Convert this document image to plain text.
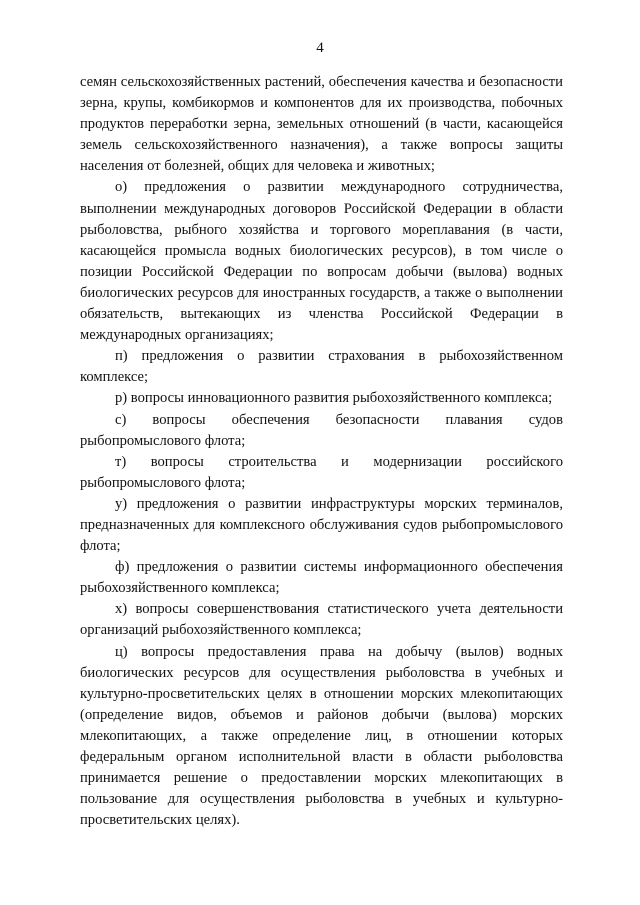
4

семян сельскохозяйственных растений, обеспечения качества и безопасности зерна, крупы, комбикормов и компонентов для их производства, побочных продуктов переработки зерна, земельных отношений (в части, касающейся земель сельскохозяйственного назначения), а также вопросы защиты населения от болезней, общих для человека и животных;

о) предложения о развитии международного сотрудничества, выполнении международных договоров Российской Федерации в области рыболовства, рыбного хозяйства и торгового мореплавания (в части, касающейся промысла водных биологических ресурсов), в том числе о позиции Российской Федерации по вопросам добычи (вылова) водных биологических ресурсов для иностранных государств, а также о выполнении обязательств, вытекающих из членства Российской Федерации в международных организациях;

п) предложения о развитии страхования в рыбохозяйственном комплексе;

р) вопросы инновационного развития рыбохозяйственного комплекса;

с) вопросы обеспечения безопасности плавания судов рыбопромыслового флота;

т) вопросы строительства и модернизации российского рыбопромыслового флота;

у) предложения о развитии инфраструктуры морских терминалов, предназначенных для комплексного обслуживания судов рыбопромыслового флота;

ф) предложения о развитии системы информационного обеспечения рыбохозяйственного комплекса;

х) вопросы совершенствования статистического учета деятельности организаций рыбохозяйственного комплекса;

ц) вопросы предоставления права на добычу (вылов) водных биологических ресурсов для осуществления рыболовства в учебных и культурно-просветительских целях в отношении морских млекопитающих (определение видов, объемов и районов добычи (вылова) морских млекопитающих, а также определение лиц, в отношении которых федеральным органом исполнительной власти в области рыболовства принимается решение о предоставлении морских млекопитающих в пользование для осуществления рыболовства в учебных и культурно-просветительских целях).
